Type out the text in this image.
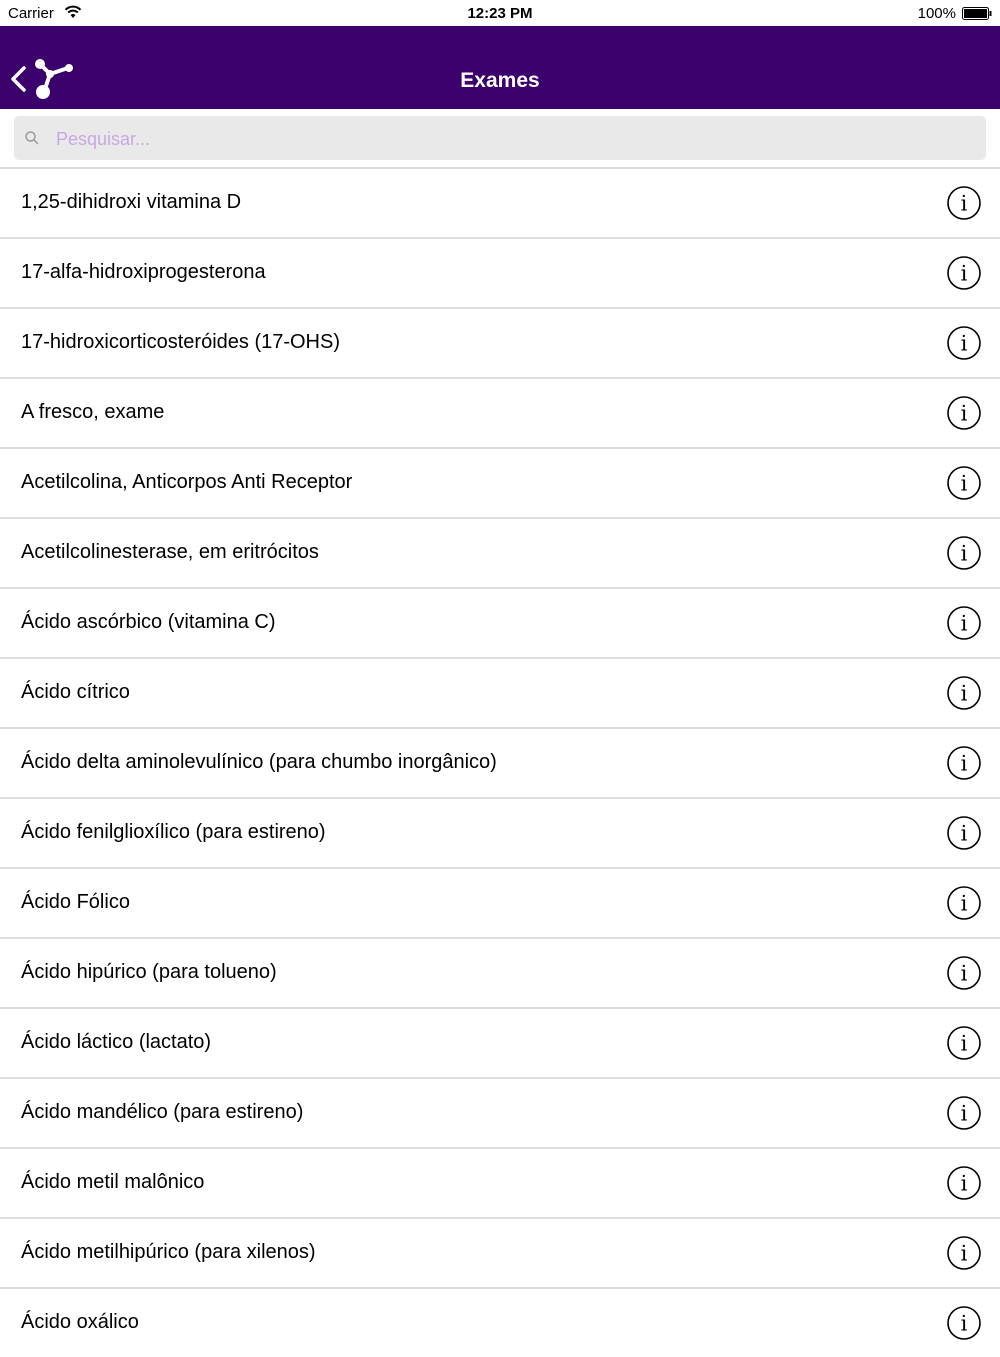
Carrier	12:23 PM	100%
Exames
Pesquisar...
1,25-dihidroxi vitamina D	i
17-alfa-hidroxiprogesterona	i
17-hidroxicorticosteróides (17-OHS)	i
A fresco, exame	i
Acetilcolina, Anticorpos Anti Receptor	i
Acetilcolinesterase, em eritrócitos	i
Ácido ascórbico (vitamina C)	i
Ácido cítrico	i
Ácido delta aminolevulínico (para chumbo inorgânico)	i
Ácido fenilglioxílico (para estireno)	i
Ácido Fólico	i
Ácido hipúrico (para tolueno)	i
Ácido láctico (lactato)	i
Ácido mandélico (para estireno)	i
Ácido metil malônico	i
Ácido metilhipúrico (para xilenos)	i
Ácido oxálico	i
